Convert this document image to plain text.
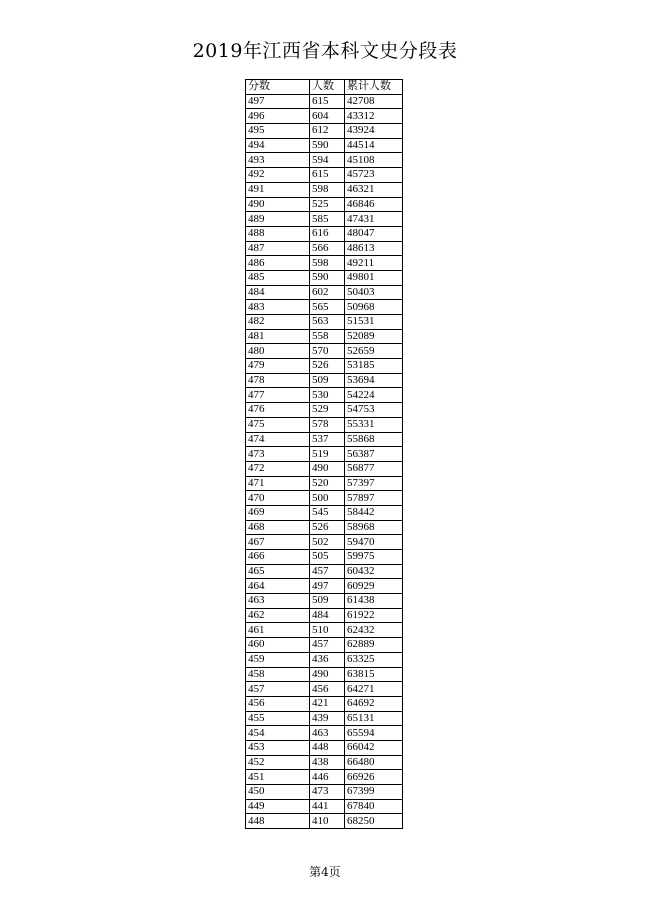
2019年江西省本科文史分段表
分数	人数	累计人数
497	615	42708
496	604	43312
495	612	43924
494	590	44514
493	594	45108
492	615	45723
491	598	46321
490	525	46846
489	585	47431
488	616	48047
487	566	48613
486	598	49211
485	590	49801
484	602	50403
483	565	50968
482	563	51531
481	558	52089
480	570	52659
479	526	53185
478	509	53694
477	530	54224
476	529	54753
475	578	55331
474	537	55868
473	519	56387
472	490	56877
471	520	57397
470	500	57897
469	545	58442
468	526	58968
467	502	59470
466	505	59975
465	457	60432
464	497	60929
463	509	61438
462	484	61922
461	510	62432
460	457	62889
459	436	63325
458	490	63815
457	456	64271
456	421	64692
455	439	65131
454	463	65594
453	448	66042
452	438	66480
451	446	66926
450	473	67399
449	441	67840
448	410	68250
第4页
